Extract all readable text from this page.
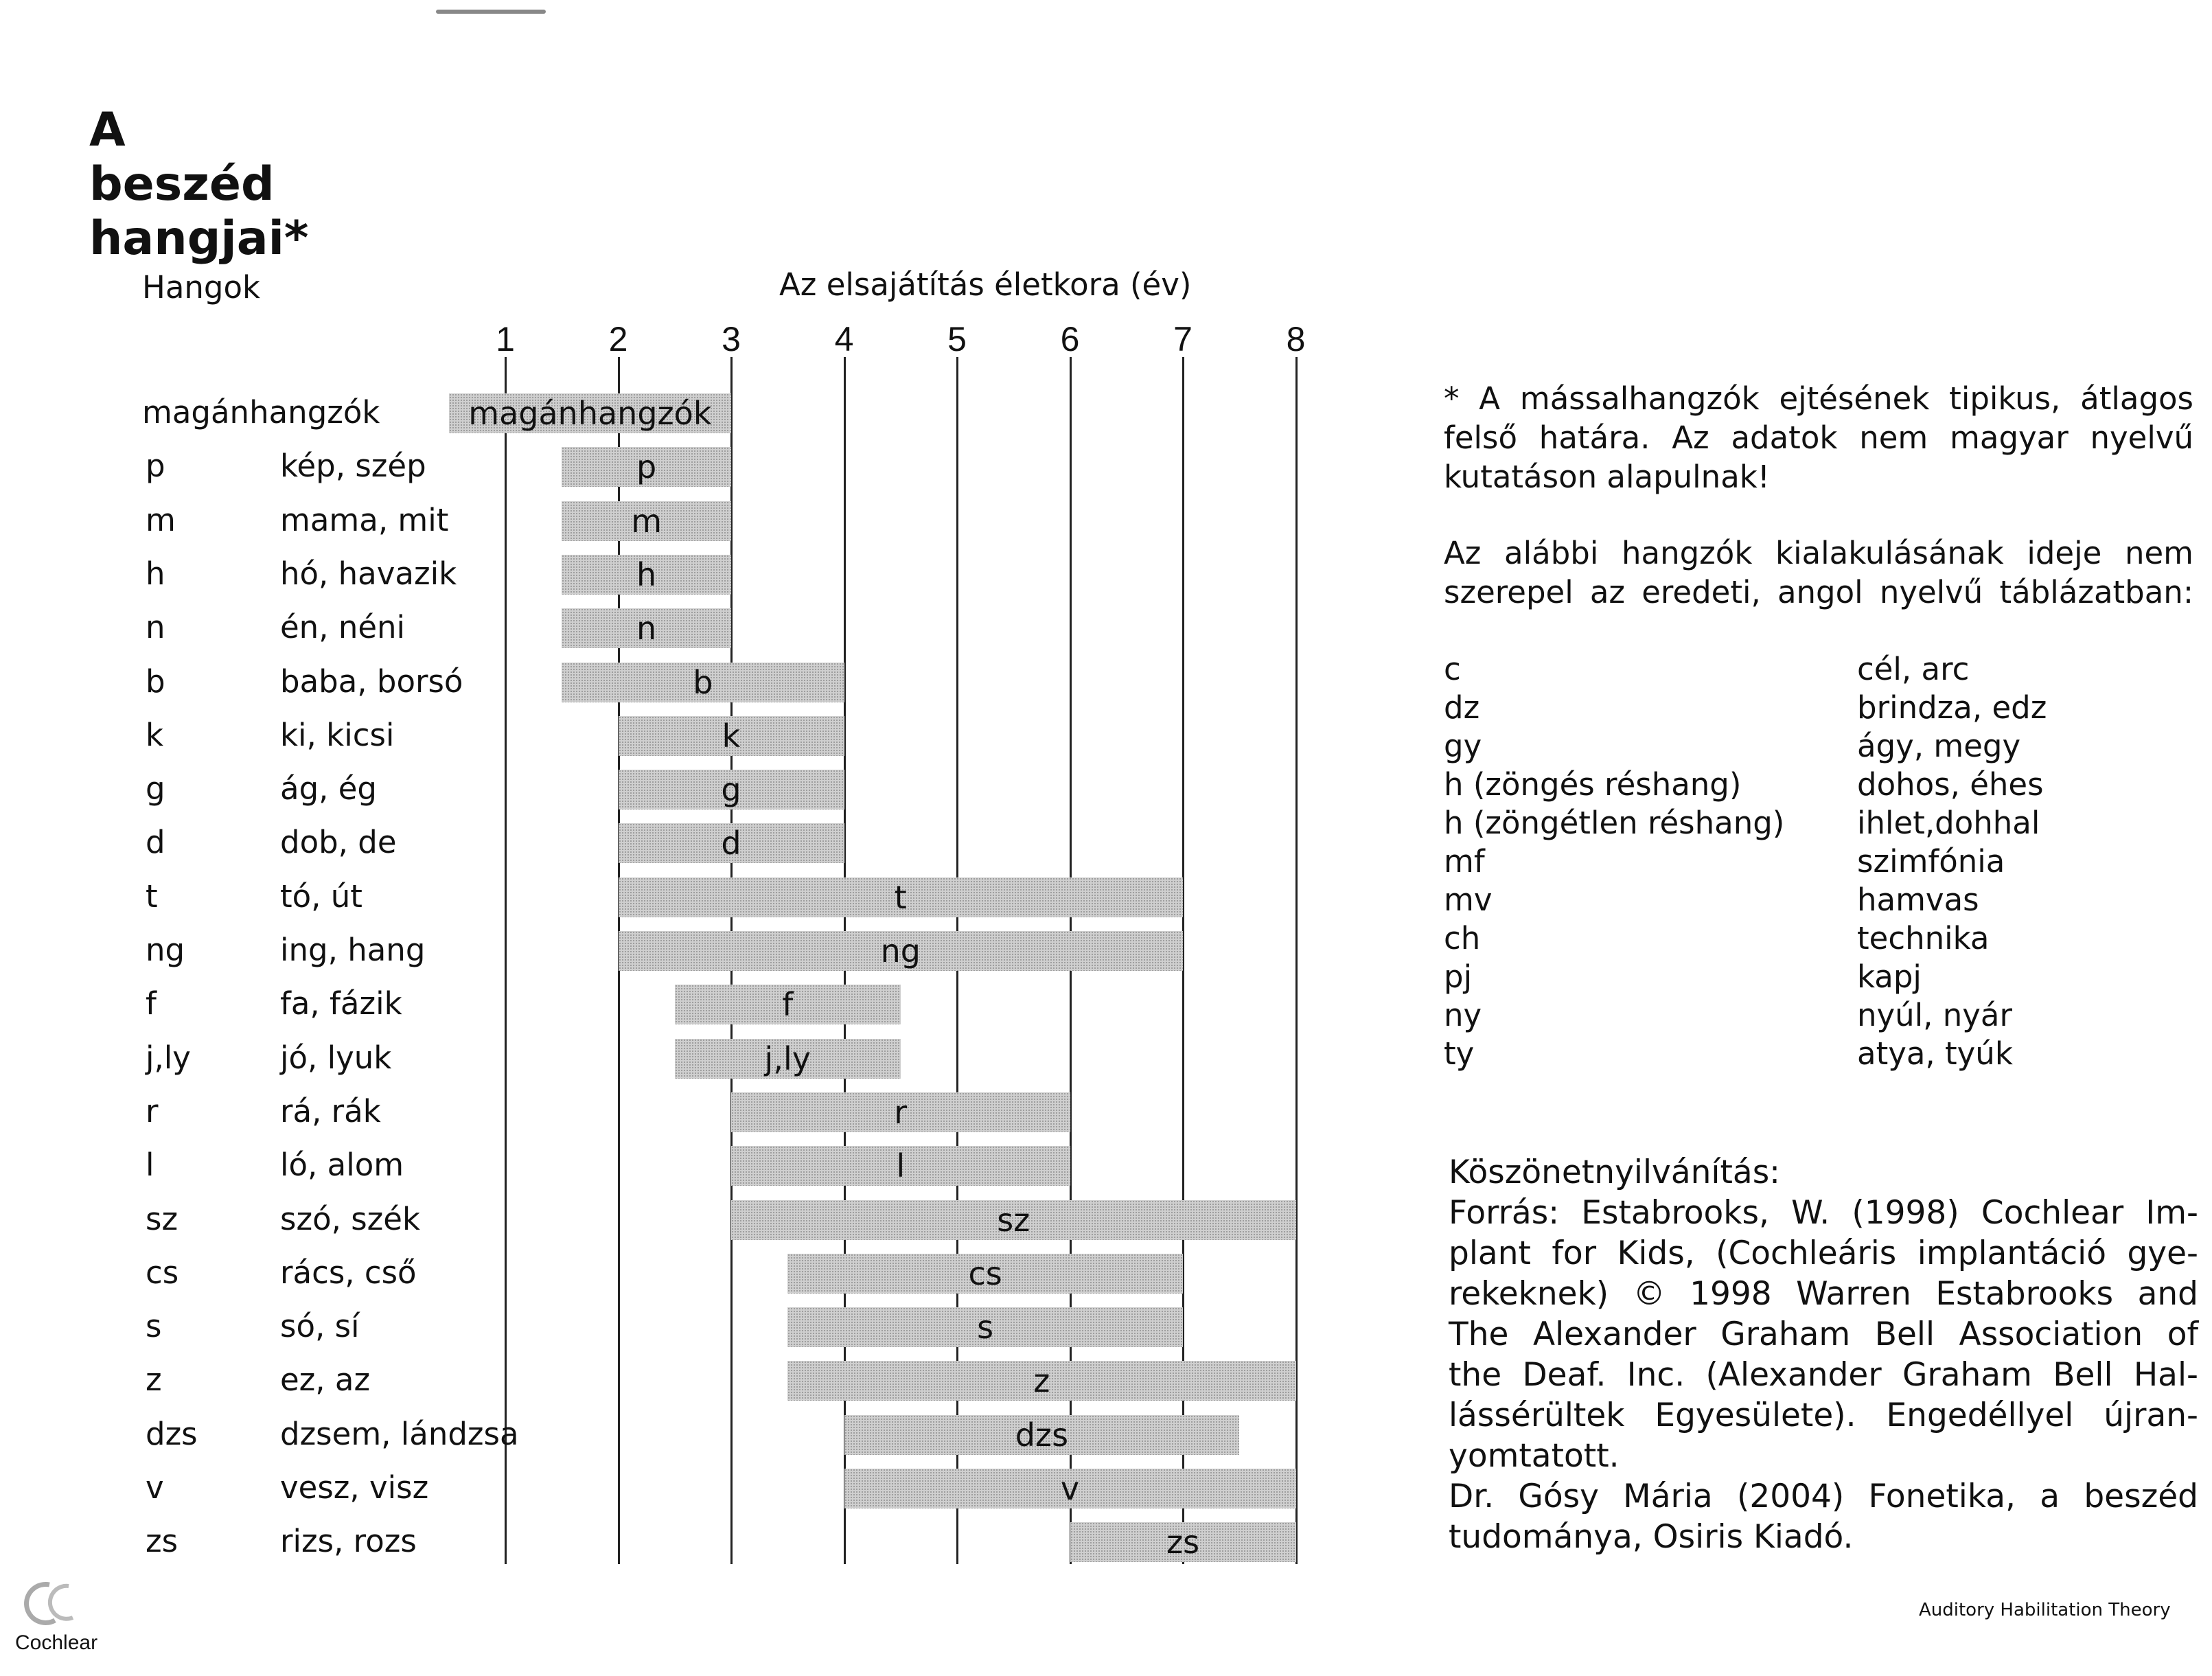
A beszéd hangjai*
Hangok	Az elsajátítás életkora (év)
1	2	3	4	5	6	7	8
magánhangzók	magánhangzók
p	kép, szép	p
m	mama, mit	m
h	hó, havazik	h
n	én, néni	n
b	baba, borsó	b
k	ki, kicsi	k
g	ág, ég	g
d	dob, de	d
t	tó, út	t
ng	ing, hang	ng
f	fa, fázik	f
j,ly	jó, lyuk	j,ly
r	rá, rák	r
l	ló, alom	l
sz	szó, szék	sz
cs	rács, cső	cs
s	só, sí	s
z	ez, az	z
dzs	dzsem, lándzsa	dzs
v	vesz, visz	v
zs	rizs, rozs	zs
* A mássalhangzók ejtésének tipikus, átlagos
felső határa. Az adatok nem magyar nyelvű
kutatáson alapulnak!
Az alábbi hangzók kialakulásának ideje nem
szerepel az eredeti, angol nyelvű táblázatban:
c	cél, arc
dz	brindza, edz
gy	ágy, megy
h (zöngés réshang)	dohos, éhes
h (zöngétlen réshang) ihlet,dohhal
mf	szimfónia
mv	hamvas
ch	technika
pj	kapj
ny	nyúl, nyár
ty	atya, tyúk
Köszönetnyilvánítás:
Forrás: Estabrooks, W. (1998) Cochlear Im-
plant for Kids, (Cochleáris implantáció gye-
rekeknek) © 1998 Warren Estabrooks and
The Alexander Graham Bell Association of
the Deaf. Inc. (Alexander Graham Bell Hal-
lássérültek Egyesülete). Engedéllyel újran-
yomtatott.
Dr. Gósy Mária (2004) Fonetika, a beszéd
tudománya, Osiris Kiadó.
Cochlear
Auditory Habilitation Theory
